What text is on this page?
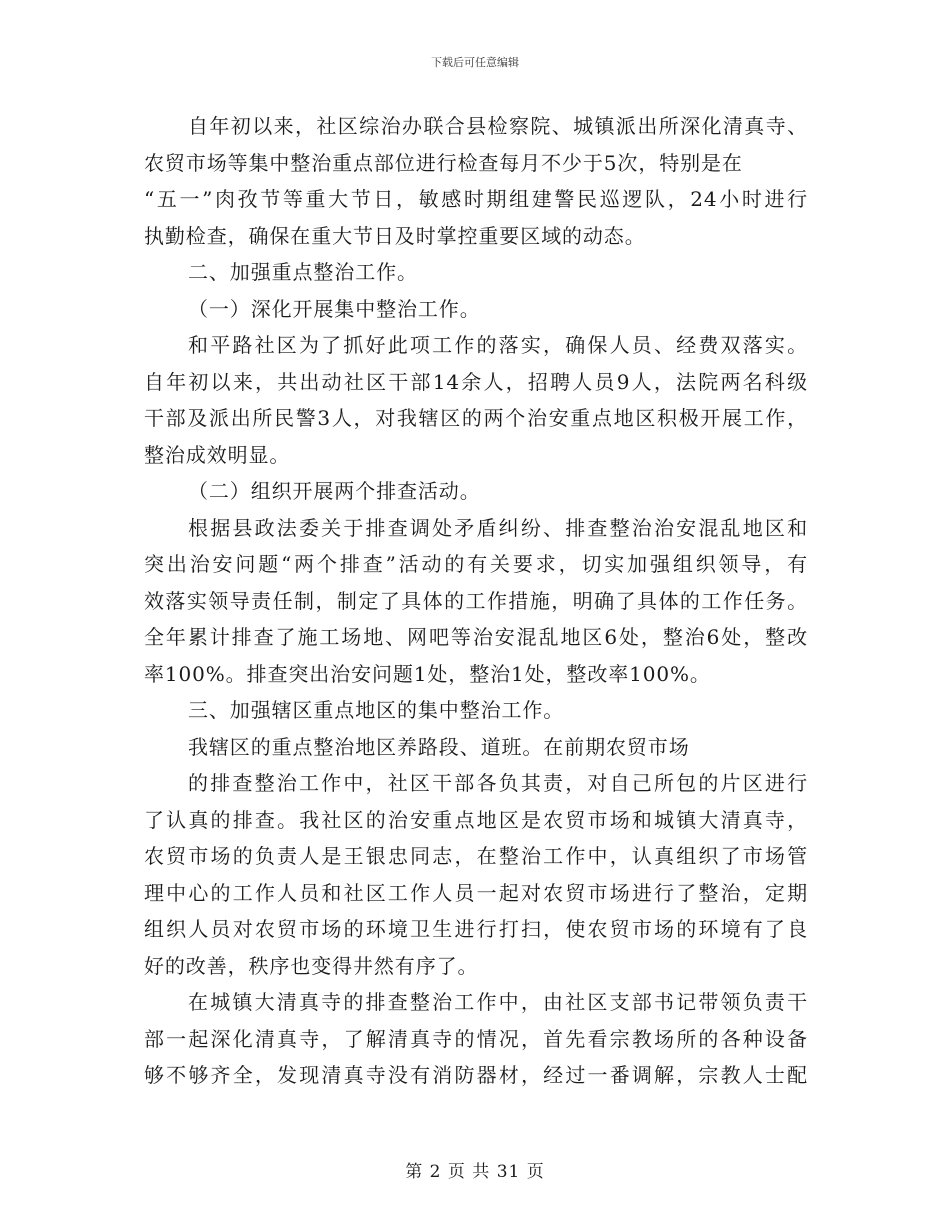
下载后可任意编辑
自年初以来，社区综治办联合县检察院、城镇派出所深化清真寺、
农贸市场等集中整治重点部位进行检查每月不少于5次，特别是在
“五一”肉孜节等重大节日，敏感时期组建警民巡逻队，24小时进行
执勤检查，确保在重大节日及时掌控重要区域的动态。
二、加强重点整治工作。
（一）深化开展集中整治工作。
和平路社区为了抓好此项工作的落实，确保人员、经费双落实。
自年初以来，共出动社区干部14余人，招聘人员9人，法院两名科级
干部及派出所民警3人，对我辖区的两个治安重点地区积极开展工作，
整治成效明显。
（二）组织开展两个排查活动。
根据县政法委关于排查调处矛盾纠纷、排查整治治安混乱地区和
突出治安问题“两个排查”活动的有关要求，切实加强组织领导，有
效落实领导责任制，制定了具体的工作措施，明确了具体的工作任务。
全年累计排查了施工场地、网吧等治安混乱地区6处，整治6处，整改
率100%。排查突出治安问题1处，整治1处，整改率100%。
三、加强辖区重点地区的集中整治工作。
我辖区的重点整治地区养路段、道班。在前期农贸市场
的排查整治工作中，社区干部各负其责，对自己所包的片区进行
了认真的排查。我社区的治安重点地区是农贸市场和城镇大清真寺，
农贸市场的负责人是王银忠同志，在整治工作中，认真组织了市场管
理中心的工作人员和社区工作人员一起对农贸市场进行了整治，定期
组织人员对农贸市场的环境卫生进行打扫，使农贸市场的环境有了良
好的改善，秩序也变得井然有序了。
在城镇大清真寺的排查整治工作中，由社区支部书记带领负责干
部一起深化清真寺，了解清真寺的情况，首先看宗教场所的各种设备
够不够齐全，发现清真寺没有消防器材，经过一番调解，宗教人士配
第 2 页 共 31 页
